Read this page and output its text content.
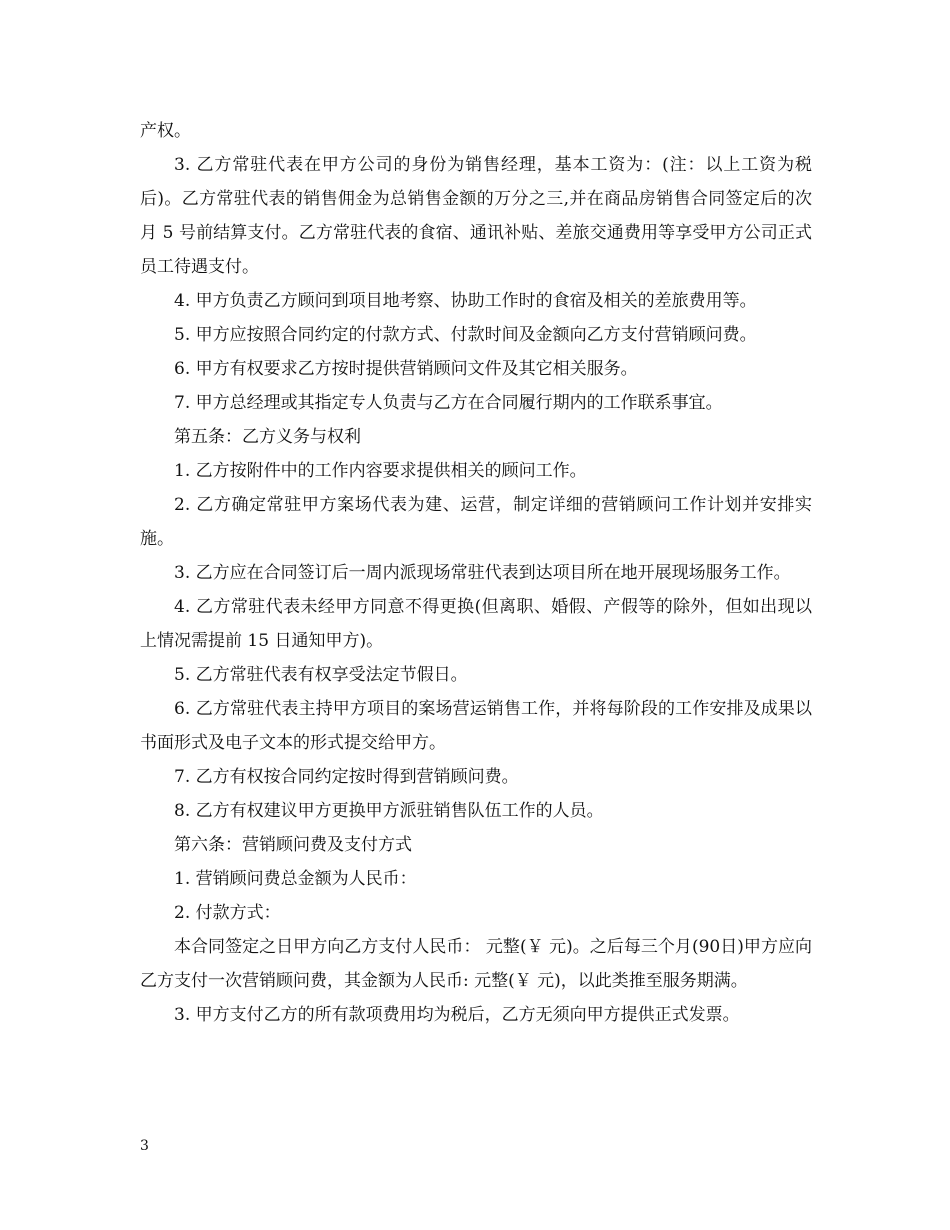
产权。

3. 乙方常驻代表在甲方公司的身份为销售经理，基本工资为：(注：以上工资为税后)。乙方常驻代表的销售佣金为总销售金额的万分之三,并在商品房销售合同签定后的次月 5 号前结算支付。乙方常驻代表的食宿、通讯补贴、差旅交通费用等享受甲方公司正式员工待遇支付。

4. 甲方负责乙方顾问到项目地考察、协助工作时的食宿及相关的差旅费用等。

5. 甲方应按照合同约定的付款方式、付款时间及金额向乙方支付营销顾问费。

6. 甲方有权要求乙方按时提供营销顾问文件及其它相关服务。

7. 甲方总经理或其指定专人负责与乙方在合同履行期内的工作联系事宜。

第五条：乙方义务与权利

1. 乙方按附件中的工作内容要求提供相关的顾问工作。

2. 乙方确定常驻甲方案场代表为建、运营，制定详细的营销顾问工作计划并安排实施。

3. 乙方应在合同签订后一周内派现场常驻代表到达项目所在地开展现场服务工作。

4. 乙方常驻代表未经甲方同意不得更换(但离职、婚假、产假等的除外，但如出现以上情况需提前 15 日通知甲方)。

5. 乙方常驻代表有权享受法定节假日。

6. 乙方常驻代表主持甲方项目的案场营运销售工作，并将每阶段的工作安排及成果以书面形式及电子文本的形式提交给甲方。

7. 乙方有权按合同约定按时得到营销顾问费。

8. 乙方有权建议甲方更换甲方派驻销售队伍工作的人员。

第六条：营销顾问费及支付方式

1. 营销顾问费总金额为人民币：

2. 付款方式：

本合同签定之日甲方向乙方支付人民币： 元整(￥ 元)。之后每三个月(90日)甲方应向乙方支付一次营销顾问费，其金额为人民币: 元整(￥ 元)，以此类推至服务期满。

3. 甲方支付乙方的所有款项费用均为税后，乙方无须向甲方提供正式发票。

3
